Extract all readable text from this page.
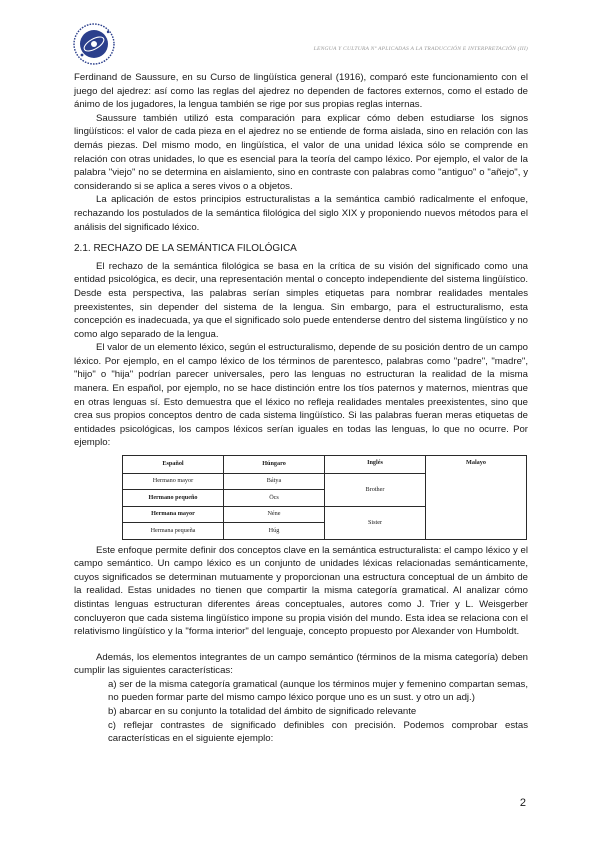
LENGUA Y CULTURA Nº APLICADAS A LA TRADUCCIÓN E INTERPRETACIÓN (III)

Ferdinand de Saussure, en su Curso de lingüística general (1916), comparó este funcionamiento con el juego del ajedrez: así como las reglas del ajedrez no dependen de factores externos, como el estado de ánimo de los jugadores, la lengua también se rige por sus propias reglas internas.

Saussure también utilizó esta comparación para explicar cómo deben estudiarse los signos lingüísticos: el valor de cada pieza en el ajedrez no se entiende de forma aislada, sino en relación con las demás piezas. Del mismo modo, en lingüística, el valor de una unidad léxica sólo se comprende en relación con otras unidades, lo que es esencial para la teoría del campo léxico. Por ejemplo, el valor de la palabra "viejo" no se determina en aislamiento, sino en contraste con palabras como "antiguo" o "añejo", y considerando si se aplica a seres vivos o a objetos.

La aplicación de estos principios estructuralistas a la semántica cambió radicalmente el enfoque, rechazando los postulados de la semántica filológica del siglo XIX y proponiendo nuevos métodos para el análisis del significado léxico.

2.1. RECHAZO DE LA SEMÁNTICA FILOLÓGICA

El rechazo de la semántica filológica se basa en la crítica de su visión del significado como una entidad psicológica, es decir, una representación mental o concepto independiente del sistema lingüístico. Desde esta perspectiva, las palabras serían simples etiquetas para nombrar realidades mentales preexistentes, sin depender del sistema de la lengua. Sin embargo, para el estructuralismo, esta concepción es inadecuada, ya que el significado solo puede entenderse dentro del sistema lingüístico y no como algo separado de la lengua.

El valor de un elemento léxico, según el estructuralismo, depende de su posición dentro de un campo léxico. Por ejemplo, en el campo léxico de los términos de parentesco, palabras como "padre", "madre", "hijo" o "hija" podrían parecer universales, pero las lenguas no estructuran la realidad de la misma manera. En español, por ejemplo, no se hace distinción entre los tíos paternos y maternos, mientras que en otras lenguas sí. Esto demuestra que el léxico no refleja realidades mentales preexistentes, sino que crea sus propios conceptos dentro de cada sistema lingüístico. Si las palabras fueran meras etiquetas de entidades psicológicas, los campos léxicos serían iguales en todas las lenguas, lo que no ocurre. Por ejemplo:

Español	Húngaro	Inglés	Malayo
Hermano mayor	Bátya	Brother	
Hermano pequeño	Öcs		
Hermana mayor	Néne	Sister	
Hermana pequeña	Húg		

Este enfoque permite definir dos conceptos clave en la semántica estructuralista: el campo léxico y el campo semántico. Un campo léxico es un conjunto de unidades léxicas relacionadas semánticamente, cuyos significados se determinan mutuamente y proporcionan una estructura conceptual de un ámbito de la realidad. Estas unidades no tienen que compartir la misma categoría gramatical. Al analizar cómo distintas lenguas estructuran diferentes áreas conceptuales, autores como J. Trier y L. Weisgerber concluyeron que cada sistema lingüístico impone su propia visión del mundo. Esta idea se relaciona con el relativismo lingüístico y la "forma interior" del lenguaje, concepto propuesto por Alexander von Humboldt.

Además, los elementos integrantes de un campo semántico (términos de la misma categoría) deben cumplir las siguientes características:

a) ser de la misma categoría gramatical (aunque los términos mujer y femenino compartan semas, no pueden formar parte del mismo campo léxico porque uno es un sust. y otro un adj.)

b) abarcar en su conjunto la totalidad del ámbito de significado relevante

c) reflejar contrastes de significado definibles con precisión. Podemos comprobar estas características en el siguiente ejemplo:

2
